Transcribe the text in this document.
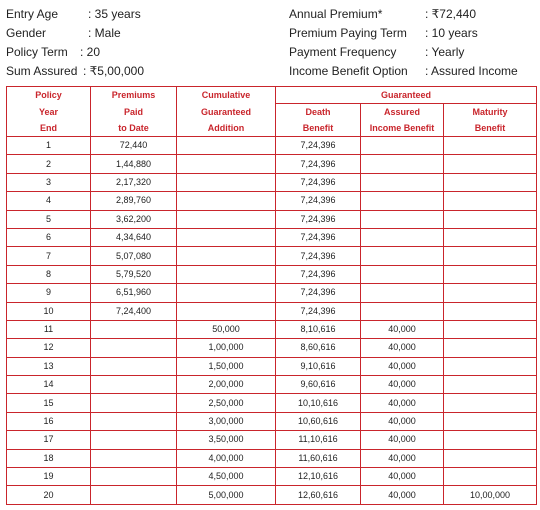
Entry Age : 35 years
Gender	: Male
Policy Term : 20
Sum Assured : ₹5,00,000
Annual Premium*	: ₹72,440
Premium Paying Term : 10 years
Payment Frequency : Yearly
Income Benefit Option : Assured Income
Policy	Premiums	Cumulative	Guaranteed		
Year	Paid	Guaranteed	Death	Assured	Maturity
End	to Date	Addition	Benefit	Income Benefit	Benefit
1	72,440		7,24,396		
2	1,44,880		7,24,396		
3	2,17,320		7,24,396		
4	2,89,760		7,24,396		
5	3,62,200		7,24,396		
6	4,34,640		7,24,396		
7	5,07,080		7,24,396		
8	5,79,520		7,24,396		
9	6,51,960		7,24,396		
10	7,24,400		7,24,396		
11		50,000	8,10,616	40,000	
12		1,00,000	8,60,616	40,000	
13		1,50,000	9,10,616	40,000	
14		2,00,000	9,60,616	40,000	
15		2,50,000	10,10,616	40,000	
16		3,00,000	10,60,616	40,000	
17		3,50,000	11,10,616	40,000	
18		4,00,000	11,60,616	40,000	
19		4,50,000	12,10,616	40,000	
20		5,00,000	12,60,616	40,000	10,00,000
